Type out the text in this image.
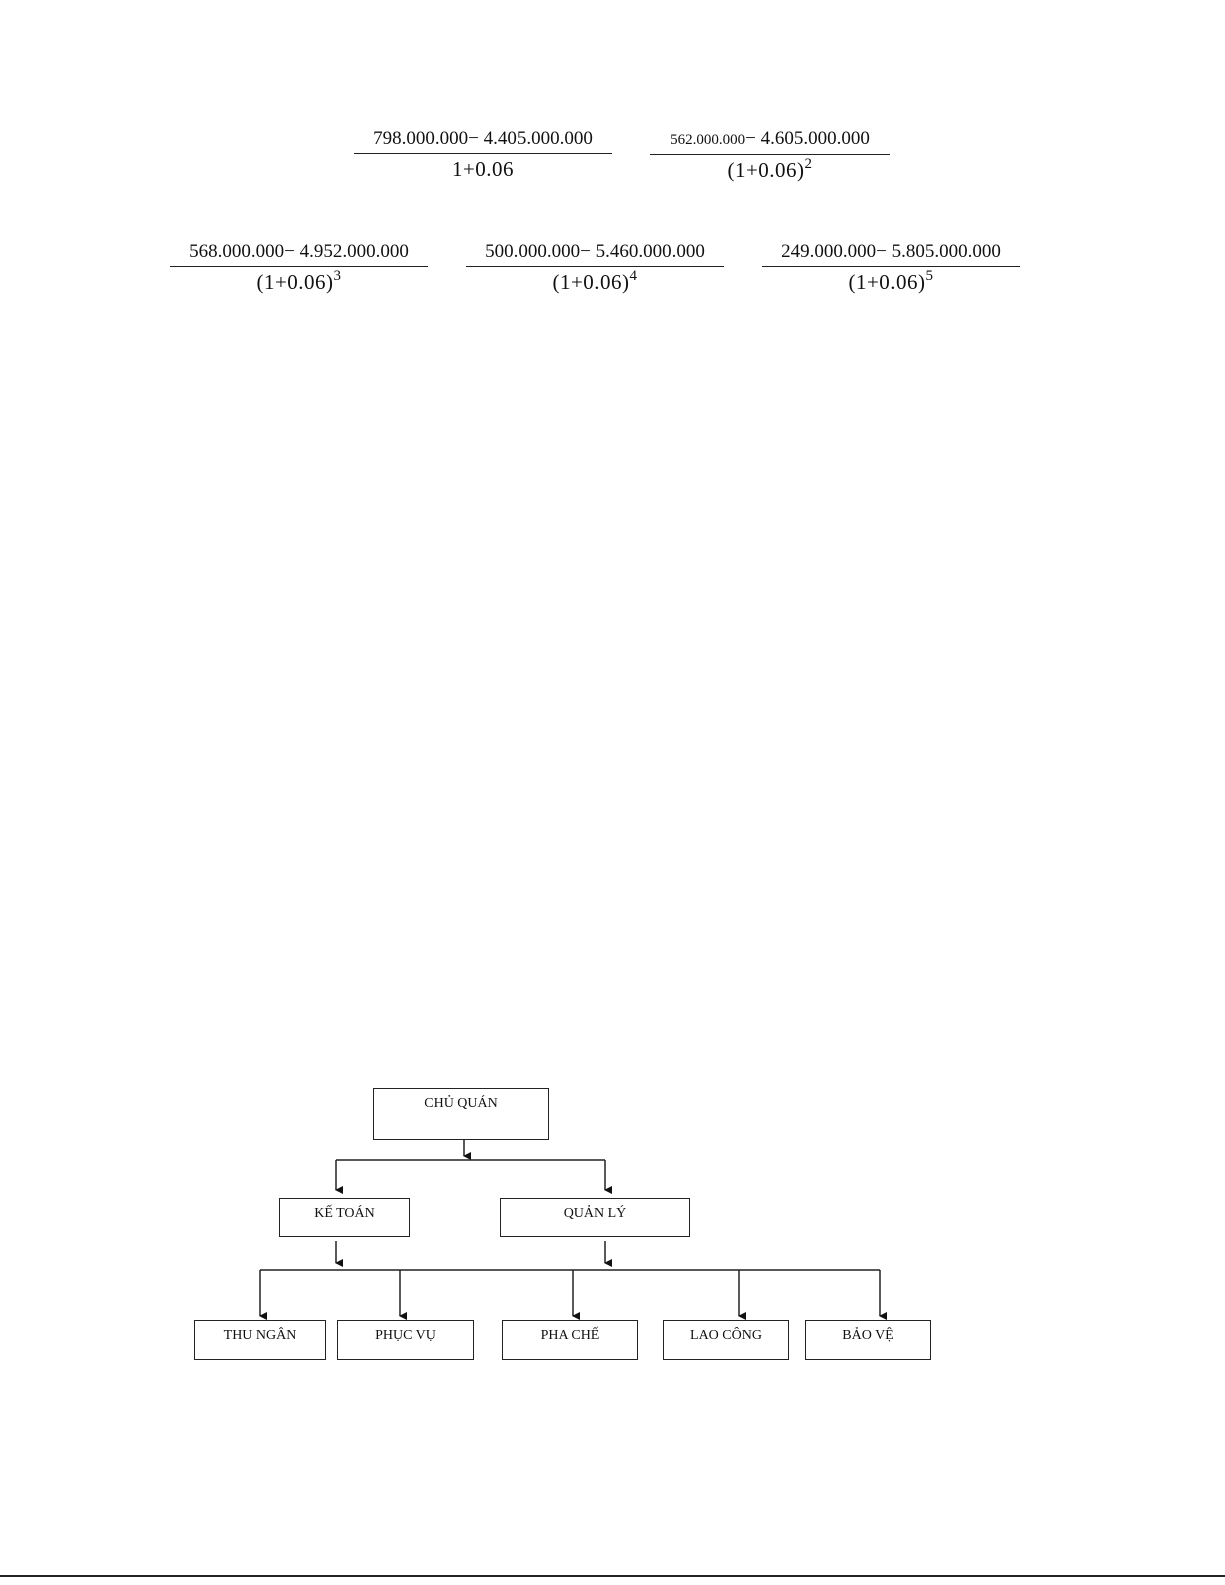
$\frac{798.000.000- 4.405.000.000}{1+0.06}$	$\frac{562.000.000- 4.605.000.000}{(1+0.06)^2}$
$\frac{568.000.000- 4.952.000.000}{(1+0.06)^3} \frac{500.000.000- 5.460.000.000}{(1+0.06)^4} \frac{249.000.000- 5.805.000.000}{(1+0.06)^5}$
CHỦ QUÁN
KẾ TOÁN	QUẢN LÝ
THU NGÂN	PHỤC VỤ	PHA CHẾ	LAO CÔNG	BẢO VỆ
